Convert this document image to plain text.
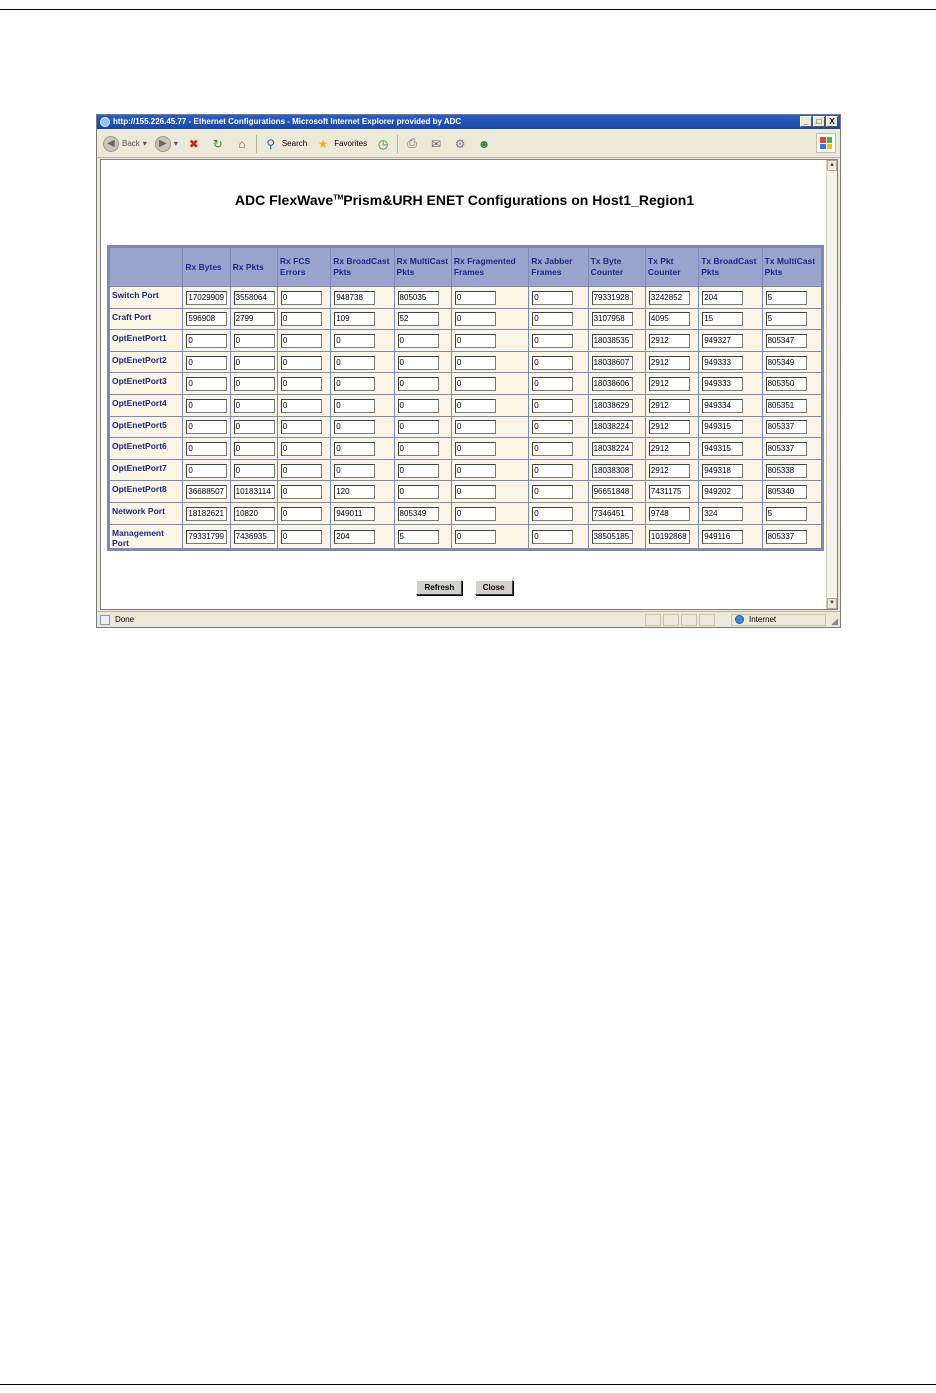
http://155.226.45.77 - Ethernet Configurations - Microsoft Internet Explorer provided by ADC	_	□ X
◀ Back ▾	▶ ▾ ✖ ↻	⌂	⚲ Search ★ Favorites ◷ ⎙ ✉ ⚙ ☻
ADC FlexWave™Prism&URH ENET Configurations on Host1_Region1
	Rx Bytes	Rx Pkts	Rx FCS Errors	Rx BroadCast Pkts	Rx MultiCast Pkts	Rx Fragmented Frames	Rx Jabber Frames	Tx Byte Counter	Tx Pkt Counter	Tx BroadCast Pkts	Tx MultiCast Pkts
Switch Port	17029909	3558064	0	948738	805035	0	0	79331928	3242852	204	5

Craft Port	596908	2799	0	109	52	0	0	3107958	4095	15	5

OptEnetPort1	0	0	0	0	0	0	0	18038535	2912	949327	805347

OptEnetPort2	0	0	0	0	0	0	0	18038607	2912	949333	805349

OptEnetPort3	0	0	0	0	0	0	0	18038606	2912	949333	805350

OptEnetPort4	0	0	0	0	0	0	0	18038629	2912	949334	805351

OptEnetPort5	0	0	0	0	0	0	0	18038224	2912	949315	805337

OptEnetPort6	0	0	0	0	0	0	0	18038224	2912	949315	805337

OptEnetPort7	0	0	0	0	0	0	0	18038308	2912	949318	805338

OptEnetPort8	36688507	10183114	0	120	0	0	0	96651848	7431175	949202	805340

Network Port	18182621	10820	0	949011	805349	0	0	7346451	9748	324	5

Management Port	79331799	7436935	0	204	5	0	0	38505185	10192868	949116	805337
Refresh	Close
▲
▼
Done	Internet	◢
